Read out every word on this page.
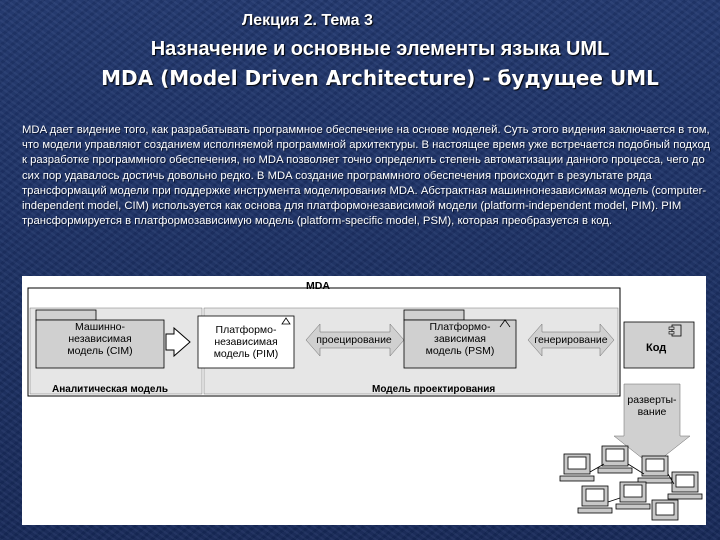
Лекция 2. Тема 3
Назначение и основные элементы языка UML
MDA (Model Driven Architecture) - будущее UML
MDA дает видение того, как разрабатывать программное обеспечение на основе моделей. Суть этого видения заключается в том, что модели управляют созданием исполняемой программной архитектуры. В настоящее время уже встречается подобный подход к разработке программного обеспечения, но MDA позволяет точно определить степень автоматизации данного процесса, чего до сих пор удавалось достичь довольно редко. В MDA создание программного обеспечения происходит в результате ряда трансформаций модели при поддержке инструмента моделирования MDA. Абстрактная машиннонезависимая модель (computer-independent model, CIM) используется как основа для платформонезависимой модели (platform-independent model, PIM). PIM трансформируется в платформозависимую модель (platform-specific model, PSM), которая преобразуется в код.
MDA
Машинно-
независимая
модель (CIM)
Платформо-
независимая
модель (PIM)
проецирование
Платформо-
зависимая
модель (PSM)
генерирование
Код
разверты-
вание
Аналитическая модель	Модель проектирования
